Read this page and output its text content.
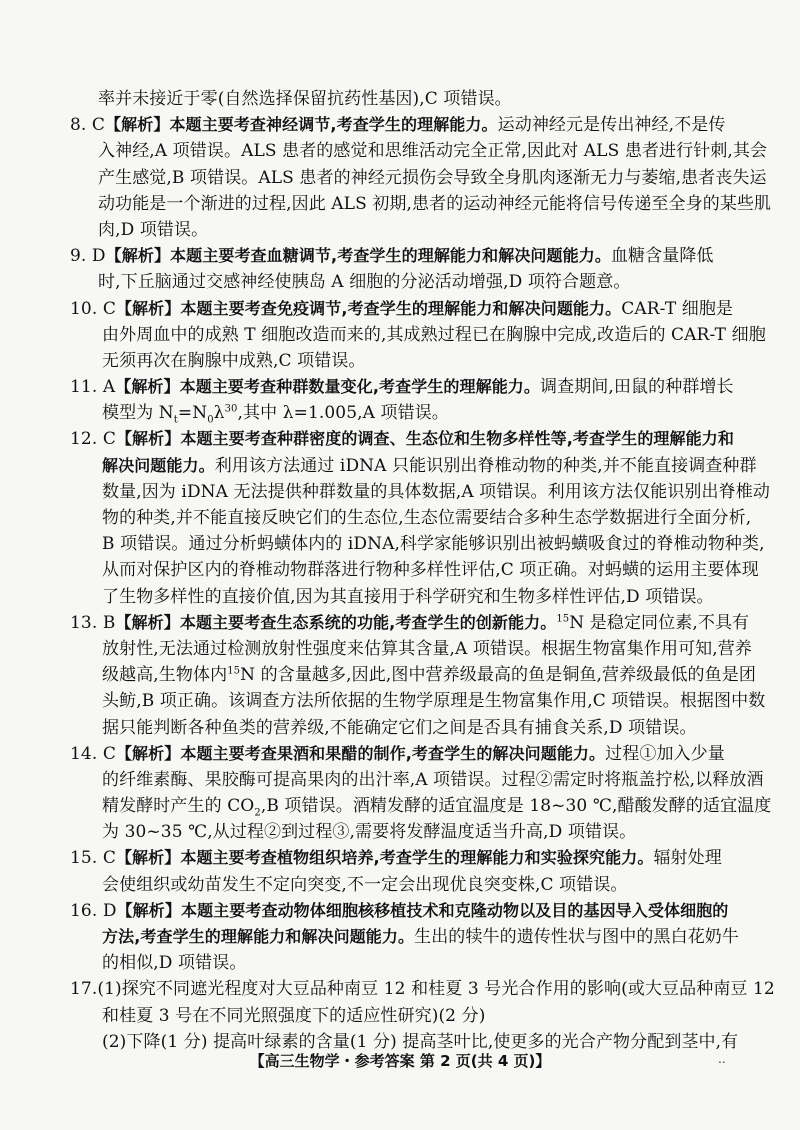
率并未接近于零(自然选择保留抗药性基因),C 项错误。
8. C【解析】本题主要考查神经调节,考查学生的理解能力。运动神经元是传出神经,不是传
入神经,A 项错误。ALS 患者的感觉和思维活动完全正常,因此对 ALS 患者进行针刺,其会
产生感觉,B 项错误。ALS 患者的神经元损伤会导致全身肌肉逐渐无力与萎缩,患者丧失运
动功能是一个渐进的过程,因此 ALS 初期,患者的运动神经元能将信号传递至全身的某些肌
肉,D 项错误。
9. D【解析】本题主要考查血糖调节,考查学生的理解能力和解决问题能力。血糖含量降低
时,下丘脑通过交感神经使胰岛 A 细胞的分泌活动增强,D 项符合题意。
10. C【解析】本题主要考查免疫调节,考查学生的理解能力和解决问题能力。CAR-T 细胞是
由外周血中的成熟 T 细胞改造而来的,其成熟过程已在胸腺中完成,改造后的 CAR-T 细胞
无须再次在胸腺中成熟,C 项错误。
11. A【解析】本题主要考查种群数量变化,考查学生的理解能力。调查期间,田鼠的种群增长
模型为 $N_t=N_0\lambda^{30}$,其中 λ=1.005,A 项错误。
12. C【解析】本题主要考查种群密度的调查、生态位和生物多样性等,考查学生的理解能力和
解决问题能力。利用该方法通过 iDNA 只能识别出脊椎动物的种类,并不能直接调查种群
数量,因为 iDNA 无法提供种群数量的具体数据,A 项错误。利用该方法仅能识别出脊椎动
物的种类,并不能直接反映它们的生态位,生态位需要结合多种生态学数据进行全面分析,
B 项错误。通过分析蚂蟥体内的 iDNA,科学家能够识别出被蚂蟥吸食过的脊椎动物种类,
从而对保护区内的脊椎动物群落进行物种多样性评估,C 项正确。对蚂蟥的运用主要体现
了生物多样性的直接价值,因为其直接用于科学研究和生物多样性评估,D 项错误。
13. B【解析】本题主要考查生态系统的功能,考查学生的创新能力。$^{15}$N 是稳定同位素,不具有
放射性,无法通过检测放射性强度来估算其含量,A 项错误。根据生物富集作用可知,营养
级越高,生物体内$^{15}$N 的含量越多,因此,图中营养级最高的鱼是铜鱼,营养级最低的鱼是团
头鲂,B 项正确。该调查方法所依据的生物学原理是生物富集作用,C 项错误。根据图中数
据只能判断各种鱼类的营养级,不能确定它们之间是否具有捕食关系,D 项错误。
14. C【解析】本题主要考查果酒和果醋的制作,考查学生的解决问题能力。过程①加入少量
的纤维素酶、果胶酶可提高果肉的出汁率,A 项错误。过程②需定时将瓶盖拧松,以释放酒
精发酵时产生的 $CO_2,B$ 项错误。酒精发酵的适宜温度是 18~30 ℃,醋酸发酵的适宜温度
为 30~35 ℃,从过程②到过程③,需要将发酵温度适当升高,D 项错误。
15. C【解析】本题主要考查植物组织培养,考查学生的理解能力和实验探究能力。辐射处理
会使组织或幼苗发生不定向突变,不一定会出现优良突变株,C 项错误。
16. D【解析】本题主要考查动物体细胞核移植技术和克隆动物以及目的基因导入受体细胞的
方法,考查学生的理解能力和解决问题能力。生出的犊牛的遗传性状与图中的黑白花奶牛
的相似,D 项错误。
17.(1)探究不同遮光程度对大豆品种南豆 12 和桂夏 3 号光合作用的影响(或大豆品种南豆 12
和桂夏 3 号在不同光照强度下的适应性研究)(2 分)
(2)下降(1 分) 提高叶绿素的含量(1 分) 提高茎叶比,使更多的光合产物分配到茎中,有
【高三生物学・参考答案 第 2 页(共 4 页)】	..
